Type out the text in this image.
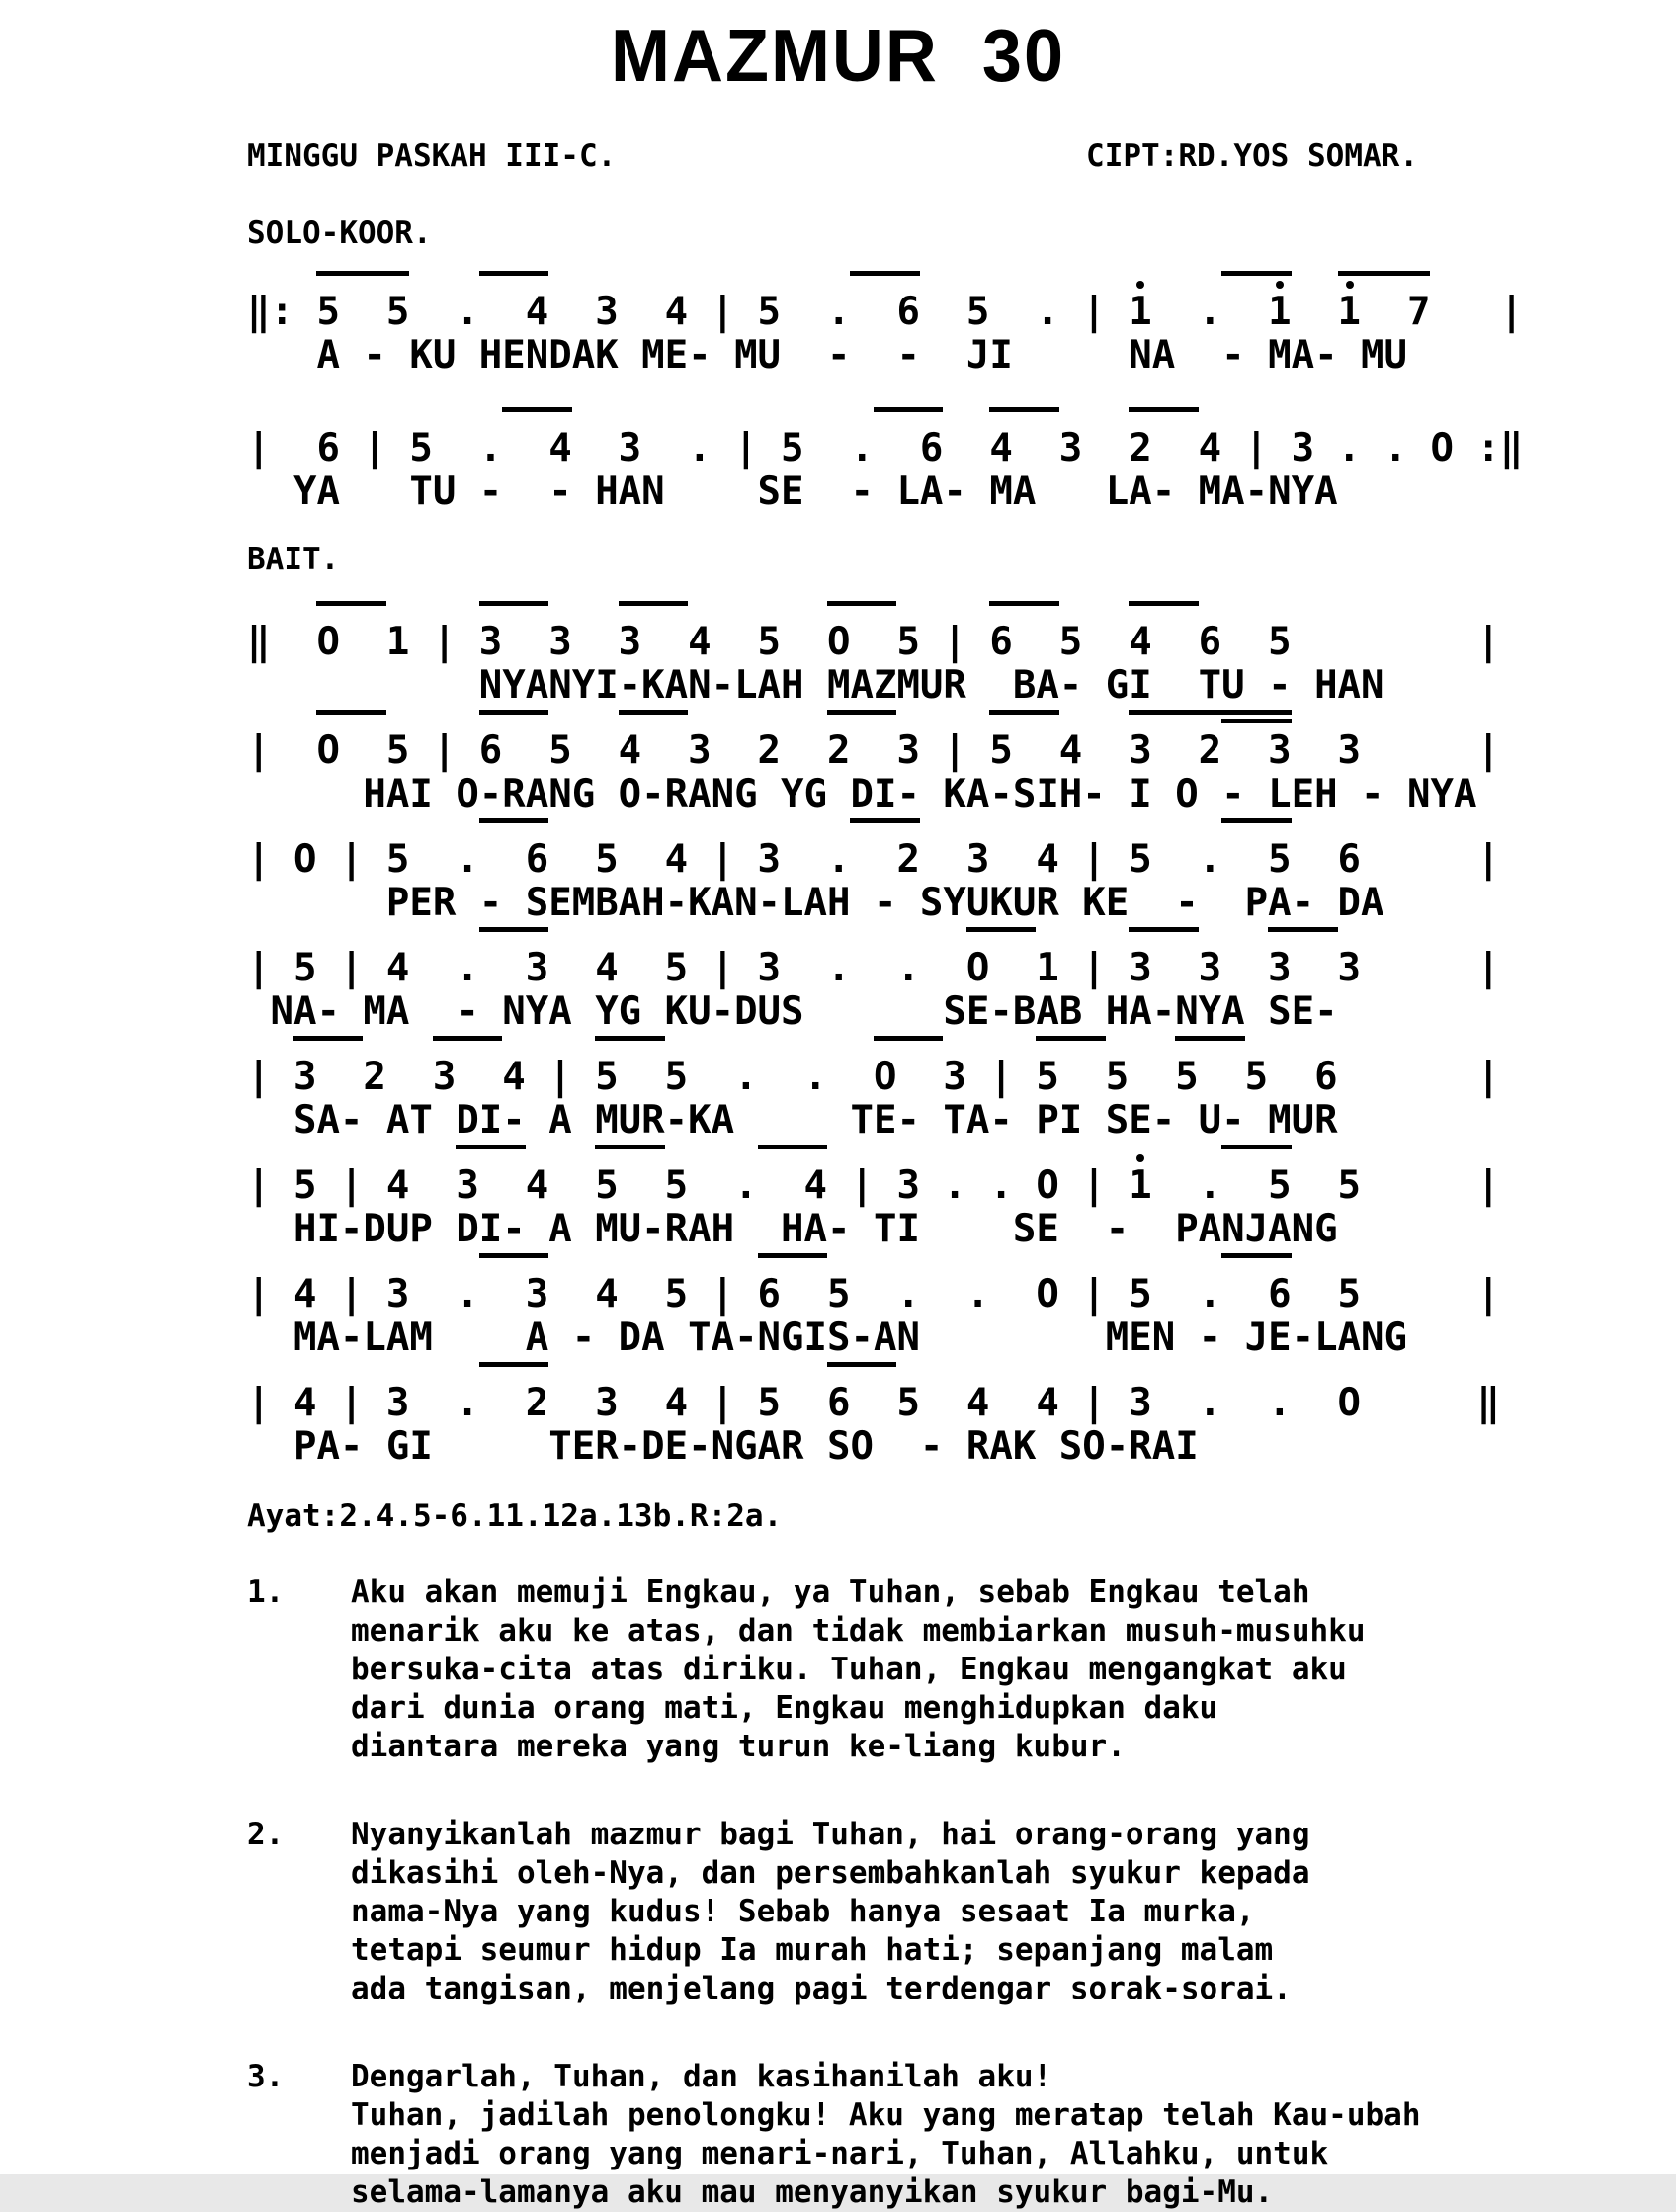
MAZMUR  30
MINGGU PASKAH III-C.	CIPT:RD.YOS SOMAR.
SOLO-KOOR.
‖: 5  5  .  4  3  4 | 5  .  6  5  . | 1  .  1  1  7   |
A - KU HENDAK ME- MU  -  -  JI     NA  - MA- MU
|  6 | 5  .  4  3  . | 5  .  6  4  3  2  4 | 3 . . O :‖
YA   TU -  - HAN    SE  - LA- MA   LA- MA-NYA
BAIT.
‖  O  1 | 3  3  3  4  5  O  5 | 6  5  4  6  5        |
NYANYI-KAN-LAH MAZMUR  BA- GI  TU - HAN
|  O  5 | 6  5  4  3  2  2  3 | 5  4  3  2  3  3     |
HAI O-RANG O-RANG YG DI- KA-SIH- I O - LEH - NYA
| O | 5  .  6  5  4 | 3  .  2  3  4 | 5  .  5  6     |
PER - SEMBAH-KAN-LAH - SYUKUR KE  -  PA- DA
| 5 | 4  .  3  4  5 | 3  .  .  O  1 | 3  3  3  3     |
NA- MA  - NYA YG KU-DUS      SE-BAB HA-NYA SE-
| 3  2  3  4 | 5  5  .  .  O  3 | 5  5  5  5  6      |
SA- AT DI- A MUR-KA     TE- TA- PI SE- U- MUR
| 5 | 4  3  4  5  5  .  4 | 3 . . O | 1  .  5  5     |
HI-DUP DI- A MU-RAH  HA- TI    SE  -  PANJANG
| 4 | 3  .  3  4  5 | 6  5  .  .  O | 5  .  6  5     |
MA-LAM    A - DA TA-NGIS-AN        MEN - JE-LANG
| 4 | 3  .  2  3  4 | 5  6  5  4  4 | 3  .  .  O     ‖
PA- GI     TER-DE-NGAR SO  - RAK SO-RAI
Ayat:2.4.5-6.11.12a.13b.R:2a.
1.	Aku akan memuji Engkau, ya Tuhan, sebab Engkau telah
menarik aku ke atas, dan tidak membiarkan musuh-musuhku
bersuka-cita atas diriku. Tuhan, Engkau mengangkat aku
dari dunia orang mati, Engkau menghidupkan daku
diantara mereka yang turun ke-liang kubur.
2.	Nyanyikanlah mazmur bagi Tuhan, hai orang-orang yang
dikasihi oleh-Nya, dan persembahkanlah syukur kepada
nama-Nya yang kudus! Sebab hanya sesaat Ia murka,
tetapi seumur hidup Ia murah hati; sepanjang malam
ada tangisan, menjelang pagi terdengar sorak-sorai.
3.	Dengarlah, Tuhan, dan kasihanilah aku!
Tuhan, jadilah penolongku! Aku yang meratap telah Kau-ubah
menjadi orang yang menari-nari, Tuhan, Allahku, untuk
selama-lamanya aku mau menyanyikan syukur bagi-Mu.
